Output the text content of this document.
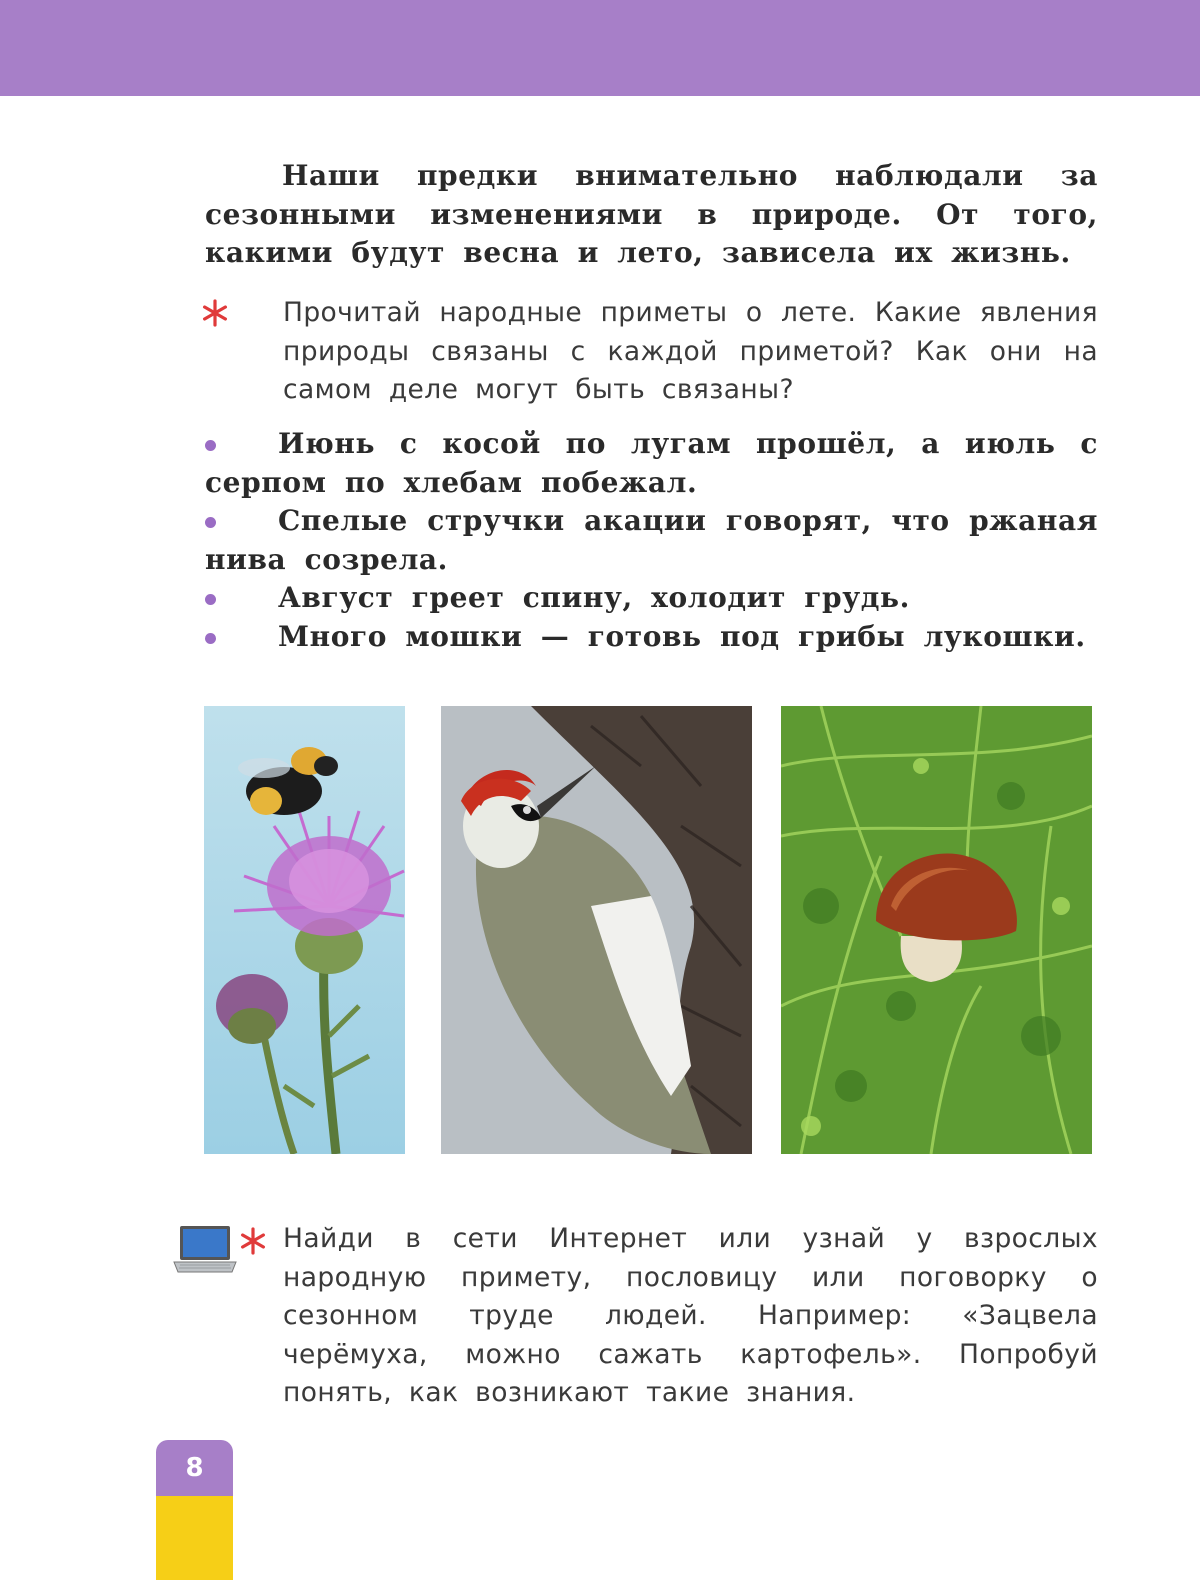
Наши предки внимательно наблюдали за сезонными изменениями в природе. От того, какими будут весна и лето, зависела их жизнь.

Прочитай народные приметы о лете. Какие явления природы связаны с каждой приметой? Как они на самом деле могут быть связаны?

Июнь с косой по лугам прошёл, а июль с серпом по хлебам побежал.
Спелые стручки акации говорят, что ржаная нива созрела.
Август греет спину, холодит грудь.
Много мошки — готовь под грибы лукошки.

Найди в сети Интернет или узнай у взрослых народную примету, пословицу или поговорку о сезонном труде людей. Например: «Зацвела черёмуха, можно сажать картофель». Попробуй понять, как возникают такие знания.

8
